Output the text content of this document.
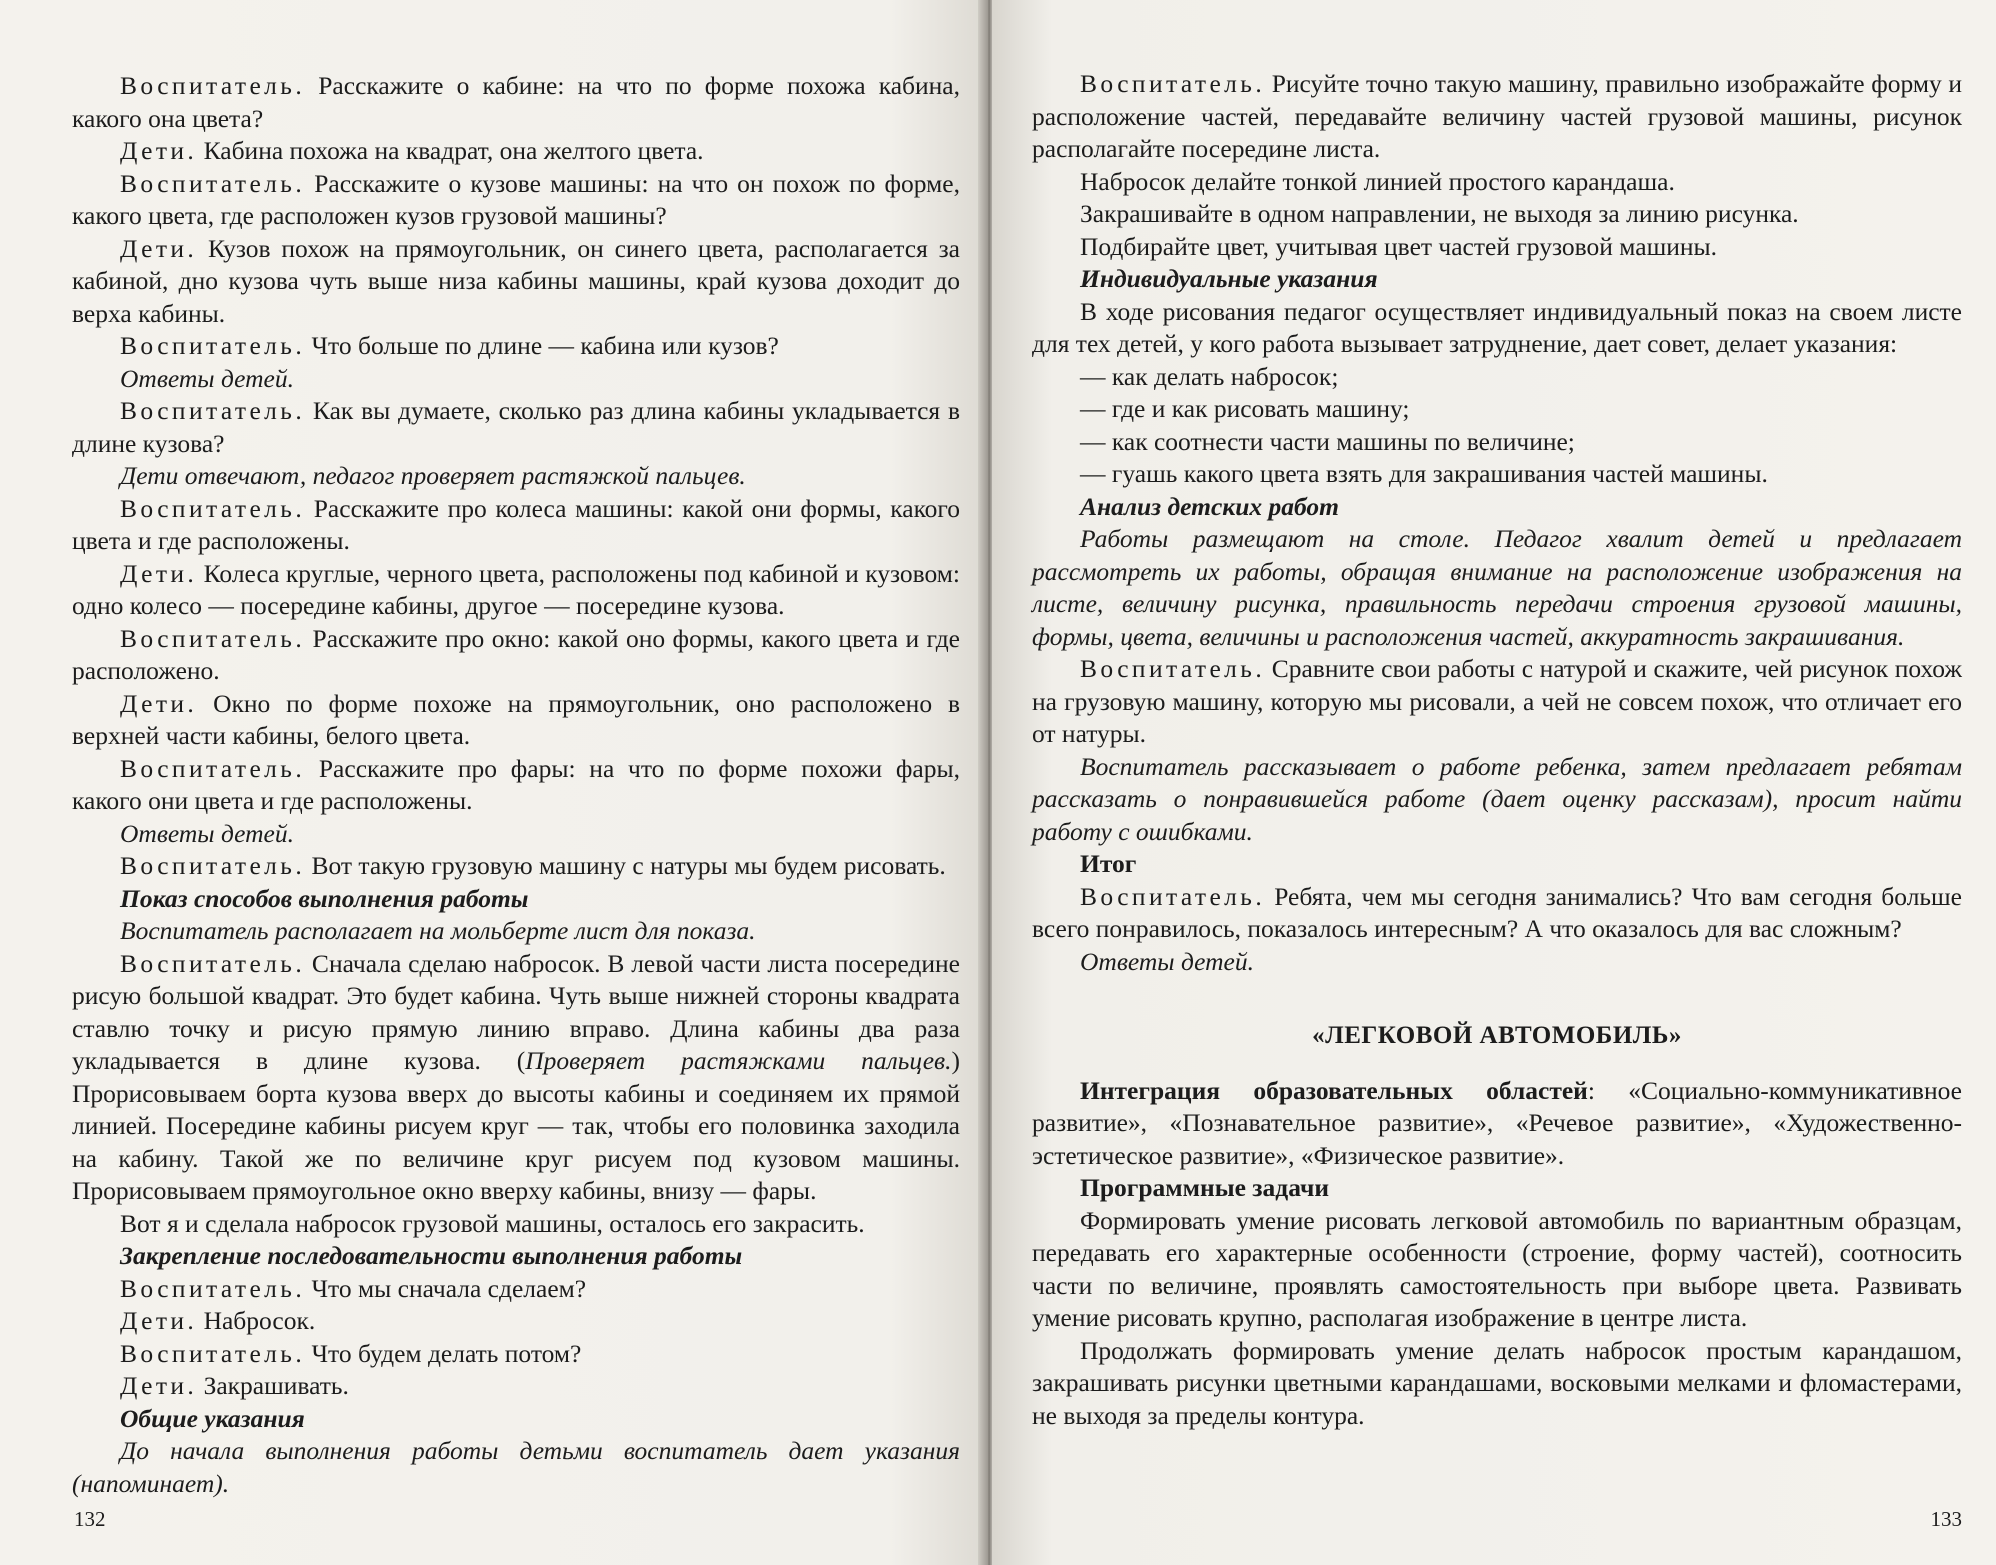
Воспитатель. Расскажите о кабине: на что по форме похожа кабина, какого она цвета?

Дети. Кабина похожа на квадрат, она желтого цвета.

Воспитатель. Расскажите о кузове машины: на что он похож по форме, какого цвета, где расположен кузов грузовой машины?

Дети. Кузов похож на прямоугольник, он синего цвета, располагается за кабиной, дно кузова чуть выше низа кабины машины, край кузова доходит до верха кабины.

Воспитатель. Что больше по длине — кабина или кузов?

Ответы детей.

Воспитатель. Как вы думаете, сколько раз длина кабины укладывается в длине кузова?

Дети отвечают, педагог проверяет растяжкой пальцев.

Воспитатель. Расскажите про колеса машины: какой они формы, какого цвета и где расположены.

Дети. Колеса круглые, черного цвета, расположены под кабиной и кузовом: одно колесо — посередине кабины, другое — посередине кузова.

Воспитатель. Расскажите про окно: какой оно формы, какого цвета и где расположено.

Дети. Окно по форме похоже на прямоугольник, оно расположено в верхней части кабины, белого цвета.

Воспитатель. Расскажите про фары: на что по форме похожи фары, какого они цвета и где расположены.

Ответы детей.

Воспитатель. Вот такую грузовую машину с натуры мы будем рисовать.

Показ способов выполнения работы

Воспитатель располагает на мольберте лист для показа.

Воспитатель. Сначала сделаю набросок. В левой части листа посередине рисую большой квадрат. Это будет кабина. Чуть выше нижней стороны квадрата ставлю точку и рисую прямую линию вправо. Длина кабины два раза укладывается в длине кузова. (Проверяет растяжками пальцев.) Прорисовываем борта кузова вверх до высоты кабины и соединяем их прямой линией. Посередине кабины рисуем круг — так, чтобы его половинка заходила на кабину. Такой же по величине круг рисуем под кузовом машины. Прорисовываем прямоугольное окно вверху кабины, внизу — фары.

Вот я и сделала набросок грузовой машины, осталось его закрасить.

Закрепление последовательности выполнения работы

Воспитатель. Что мы сначала сделаем?

Дети. Набросок.

Воспитатель. Что будем делать потом?

Дети. Закрашивать.

Общие указания

До начала выполнения работы детьми воспитатель дает указания (напоминает).

132

Воспитатель. Рисуйте точно такую машину, правильно изображайте форму и расположение частей, передавайте величину частей грузовой машины, рисунок располагайте посередине листа.

Набросок делайте тонкой линией простого карандаша.

Закрашивайте в одном направлении, не выходя за линию рисунка.

Подбирайте цвет, учитывая цвет частей грузовой машины.

Индивидуальные указания

В ходе рисования педагог осуществляет индивидуальный показ на своем листе для тех детей, у кого работа вызывает затруднение, дает совет, делает указания:

— как делать набросок;

— где и как рисовать машину;

— как соотнести части машины по величине;

— гуашь какого цвета взять для закрашивания частей машины.

Анализ детских работ

Работы размещают на столе. Педагог хвалит детей и предлагает рассмотреть их работы, обращая внимание на расположение изображения на листе, величину рисунка, правильность передачи строения грузовой машины, формы, цвета, величины и расположения частей, аккуратность закрашивания.

Воспитатель. Сравните свои работы с натурой и скажите, чей рисунок похож на грузовую машину, которую мы рисовали, а чей не совсем похож, что отличает его от натуры.

Воспитатель рассказывает о работе ребенка, затем предлагает ребятам рассказать о понравившейся работе (дает оценку рассказам), просит найти работу с ошибками.

Итог

Воспитатель. Ребята, чем мы сегодня занимались? Что вам сегодня больше всего понравилось, показалось интересным? А что оказалось для вас сложным?

Ответы детей.

«ЛЕГКОВОЙ АВТОМОБИЛЬ»

Интеграция образовательных областей: «Социально-коммуникативное развитие», «Познавательное развитие», «Речевое развитие», «Художественно-эстетическое развитие», «Физическое развитие».

Программные задачи

Формировать умение рисовать легковой автомобиль по вариантным образцам, передавать его характерные особенности (строение, форму частей), соотносить части по величине, проявлять самостоятельность при выборе цвета. Развивать умение рисовать крупно, располагая изображение в центре листа.

Продолжать формировать умение делать набросок простым карандашом, закрашивать рисунки цветными карандашами, восковыми мелками и фломастерами, не выходя за пределы контура.

133
